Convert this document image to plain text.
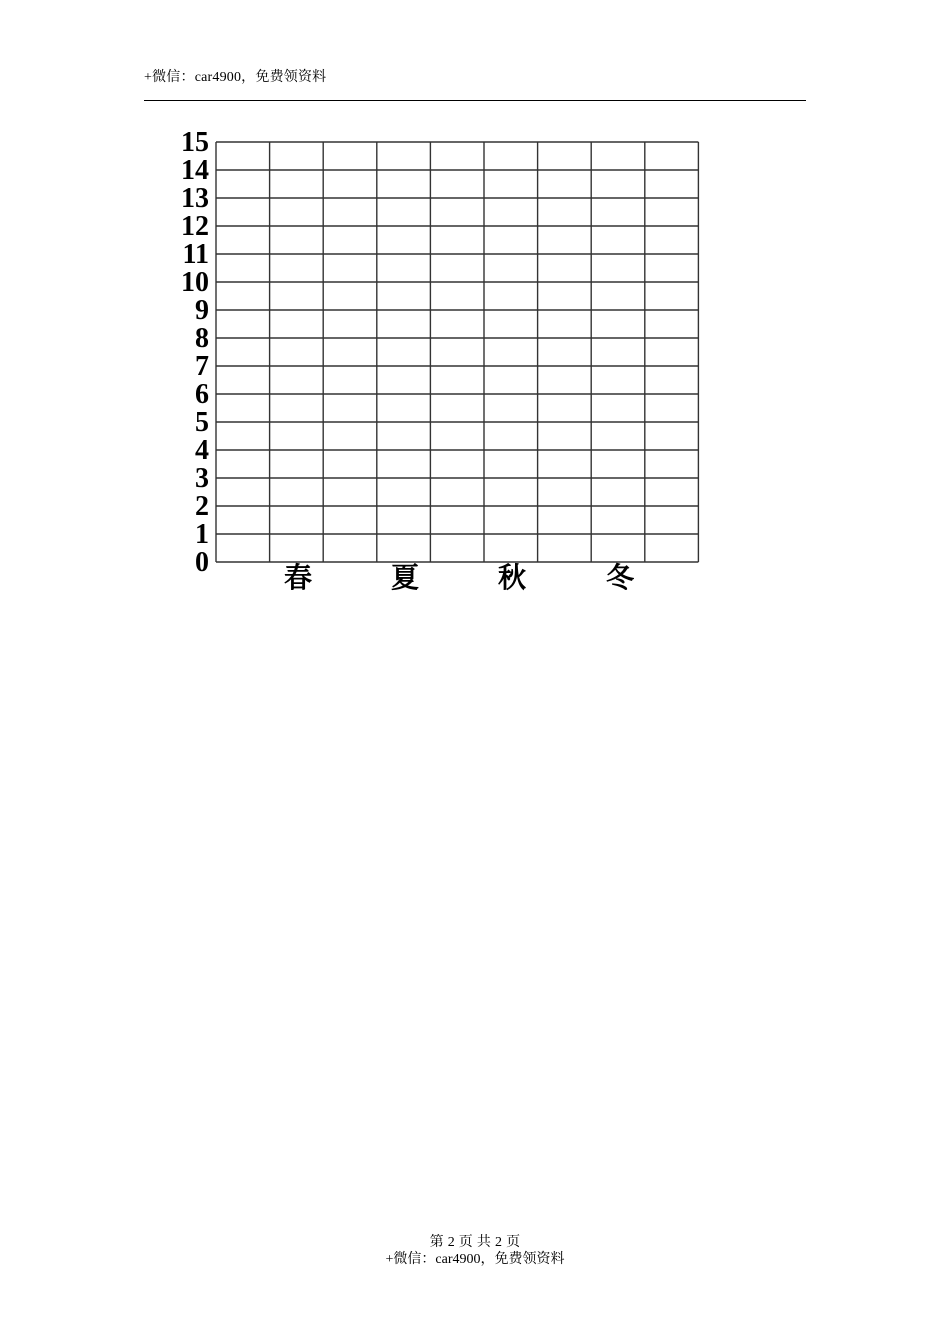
+微信：car4900，免费领资料
15
14
13
12
11
10
9
8
7
6
5
4
3
2
1
0	春	夏	秋	冬
第 2 页 共 2 页
+微信：car4900，免费领资料
